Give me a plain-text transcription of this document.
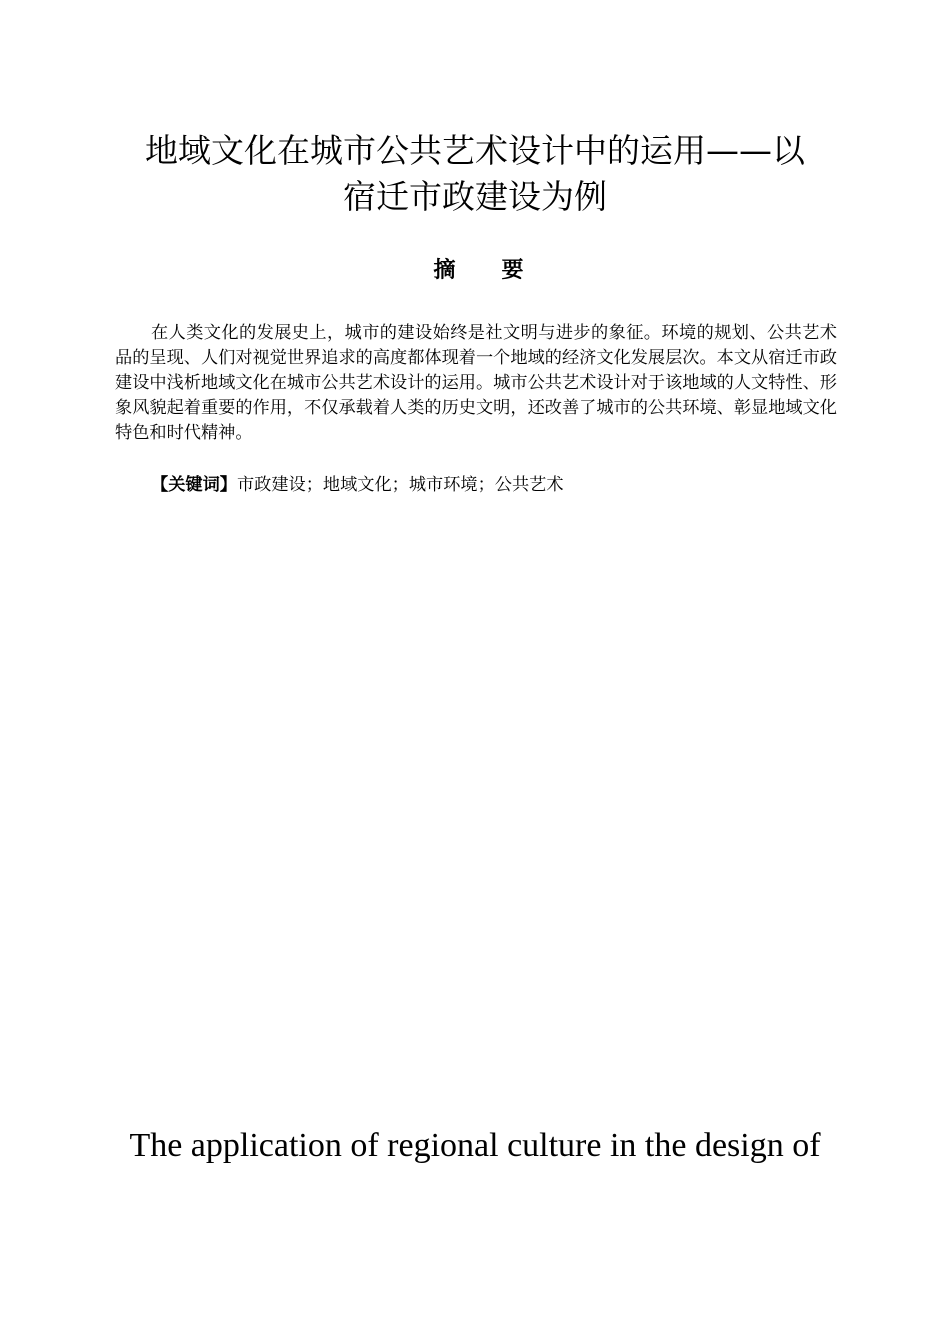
地域文化在城市公共艺术设计中的运用——以
宿迁市政建设为例
摘要
在人类文化的发展史上，城市的建设始终是社文明与进步的象征。环境的规划、公共艺术品的呈现、人们对视觉世界追求的高度都体现着一个地域的经济文化发展层次。本文从宿迁市政建设中浅析地域文化在城市公共艺术设计的运用。城市公共艺术设计对于该地域的人文特性、形象风貌起着重要的作用，不仅承载着人类的历史文明，还改善了城市的公共环境、彰显地域文化特色和时代精神。
【关键词】市政建设；地域文化；城市环境；公共艺术
The application of regional culture in the design of
